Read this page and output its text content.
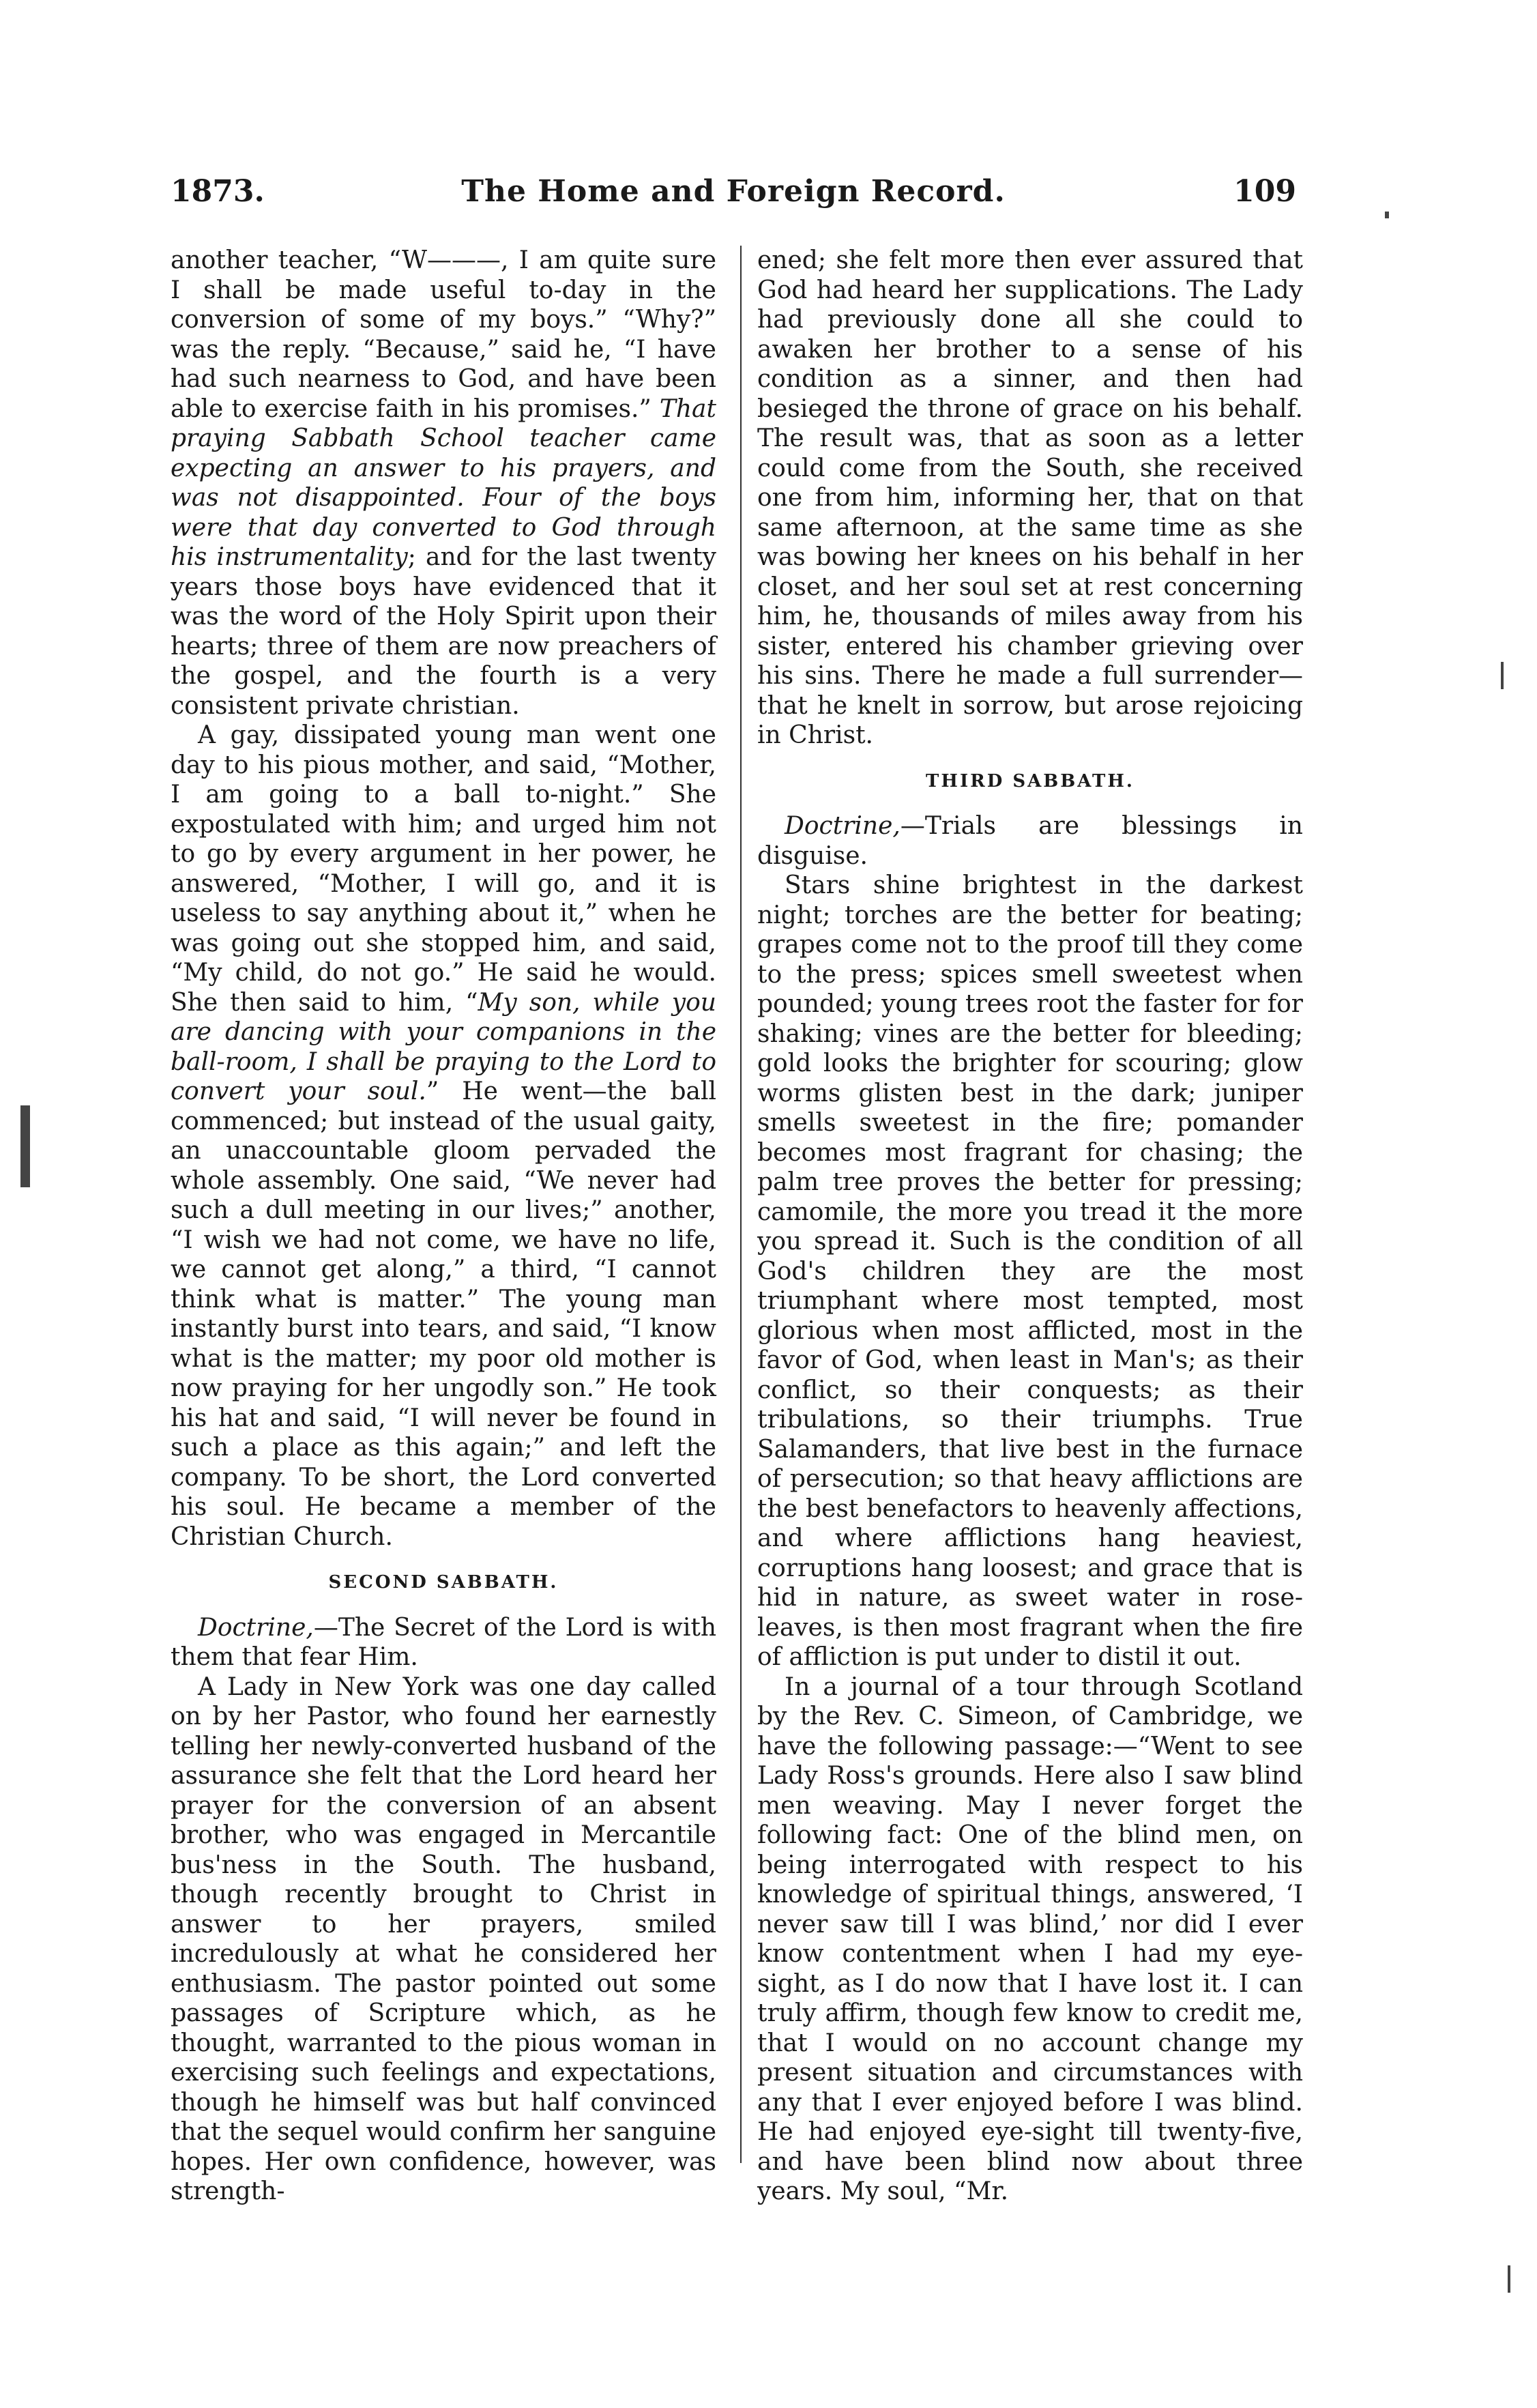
1873.	The Home and Foreign Record.	109

another teacher, “W———, I am quite sure I shall be made useful to-day in the conversion of some of my boys.” “Why?” was the reply. “Because,” said he, “I have had such nearness to God, and have been able to exercise faith in his promises.” That praying Sabbath School teacher came expecting an answer to his prayers, and was not disappointed. Four of the boys were that day converted to God through his instrumentality; and for the last twenty years those boys have evidenced that it was the word of the Holy Spirit upon their hearts; three of them are now preachers of the gospel, and the fourth is a very consistent private christian.

A gay, dissipated young man went one day to his pious mother, and said, “Mother, I am going to a ball to-night.” She expostulated with him; and urged him not to go by every argument in her power, he answered, “Mother, I will go, and it is useless to say anything about it,” when he was going out she stopped him, and said, “My child, do not go.” He said he would. She then said to him, “My son, while you are dancing with your companions in the ball-room, I shall be praying to the Lord to convert your soul.” He went—the ball commenced; but instead of the usual gaity, an unaccountable gloom pervaded the whole assembly. One said, “We never had such a dull meeting in our lives;” another, “I wish we had not come, we have no life, we cannot get along,” a third, “I cannot think what is matter.” The young man instantly burst into tears, and said, “I know what is the matter; my poor old mother is now praying for her ungodly son.” He took his hat and said, “I will never be found in such a place as this again;” and left the company. To be short, the Lord converted his soul. He became a member of the Christian Church.

SECOND SABBATH.

Doctrine,—The Secret of the Lord is with them that fear Him.

A Lady in New York was one day called on by her Pastor, who found her earnestly telling her newly-converted husband of the assurance she felt that the Lord heard her prayer for the conversion of an absent brother, who was engaged in Mercantile bus'ness in the South. The husband, though recently brought to Christ in answer to her prayers, smiled incredulously at what he considered her enthusiasm. The pastor pointed out some passages of Scripture which, as he thought, warranted to the pious woman in exercising such feelings and expectations, though he himself was but half convinced that the sequel would confirm her sanguine hopes. Her own confidence, however, was strength-

ened; she felt more then ever assured that God had heard her supplications. The Lady had previously done all she could to awaken her brother to a sense of his condition as a sinner, and then had besieged the throne of grace on his behalf. The result was, that as soon as a letter could come from the South, she received one from him, informing her, that on that same afternoon, at the same time as she was bowing her knees on his behalf in her closet, and her soul set at rest concerning him, he, thousands of miles away from his sister, entered his chamber grieving over his sins. There he made a full surrender—that he knelt in sorrow, but arose rejoicing in Christ.

THIRD SABBATH.

Doctrine,—Trials are blessings in disguise.

Stars shine brightest in the darkest night; torches are the better for beating; grapes come not to the proof till they come to the press; spices smell sweetest when pounded; young trees root the faster for for shaking; vines are the better for bleeding; gold looks the brighter for scouring; glow worms glisten best in the dark; juniper smells sweetest in the fire; pomander becomes most fragrant for chasing; the palm tree proves the better for pressing; camomile, the more you tread it the more you spread it. Such is the condition of all God's children they are the most triumphant where most tempted, most glorious when most afflicted, most in the favor of God, when least in Man's; as their conflict, so their conquests; as their tribulations, so their triumphs. True Salamanders, that live best in the furnace of persecution; so that heavy afflictions are the best benefactors to heavenly affections, and where afflictions hang heaviest, corruptions hang loosest; and grace that is hid in nature, as sweet water in rose-leaves, is then most fragrant when the fire of affliction is put under to distil it out.

In a journal of a tour through Scotland by the Rev. C. Simeon, of Cambridge, we have the following passage:—“Went to see Lady Ross's grounds. Here also I saw blind men weaving. May I never forget the following fact: One of the blind men, on being interrogated with respect to his knowledge of spiritual things, answered, ‘I never saw till I was blind,’ nor did I ever know contentment when I had my eye-sight, as I do now that I have lost it. I can truly affirm, though few know to credit me, that I would on no account change my present situation and circumstances with any that I ever enjoyed before I was blind. He had enjoyed eye-sight till twenty-five, and have been blind now about three years. My soul, “Mr.
